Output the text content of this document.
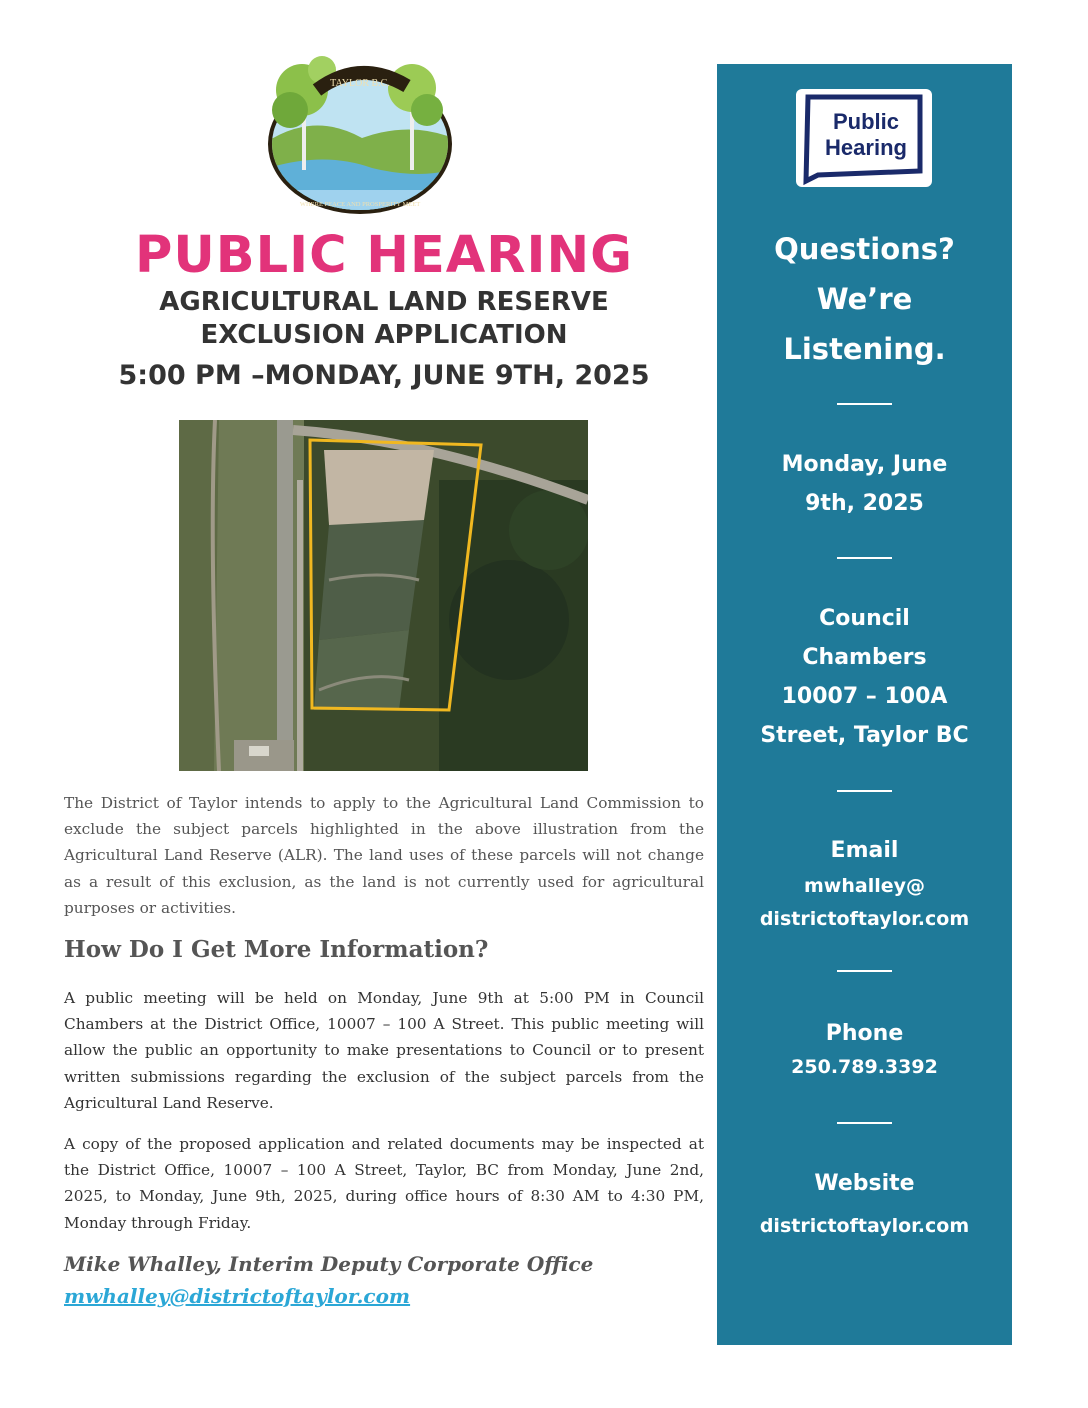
TAYLOR B.C.
WHERE PEACE AND PROSPERITY MEET
PUBLIC HEARING
AGRICULTURAL LAND RESERVE
EXCLUSION APPLICATION
5:00 PM –MONDAY, JUNE 9TH, 2025
The District of Taylor intends to apply to the Agricultural Land Commission to exclude the subject parcels highlighted in the above illustration from the Agricultural Land Reserve (ALR). The land uses of these parcels will not change as a result of this exclusion, as the land is not currently used for agricultural purposes or activities.
How Do I Get More Information?
A public meeting will be held on Monday, June 9th at 5:00 PM in Council Chambers at the District Office, 10007 – 100 A Street. This public meeting will allow the public an opportunity to make presentations to Council or to present written submissions regarding the exclusion of the subject parcels from the Agricultural Land Reserve.
A copy of the proposed application and related documents may be inspected at the District Office, 10007 – 100 A Street, Taylor, BC from Monday, June 2nd, 2025, to Monday, June 9th, 2025, during office hours of 8:30 AM to 4:30 PM, Monday through Friday.
Mike Whalley, Interim Deputy Corporate Office
mwhalley@districtoftaylor.com
Public
Hearing
Questions?
We’re
Listening.
Monday, June
9th, 2025
Council
Chambers
10007 – 100A
Street, Taylor BC
Email
mwhalley@
districtoftaylor.com
Phone
250.789.3392
Website
districtoftaylor.com
